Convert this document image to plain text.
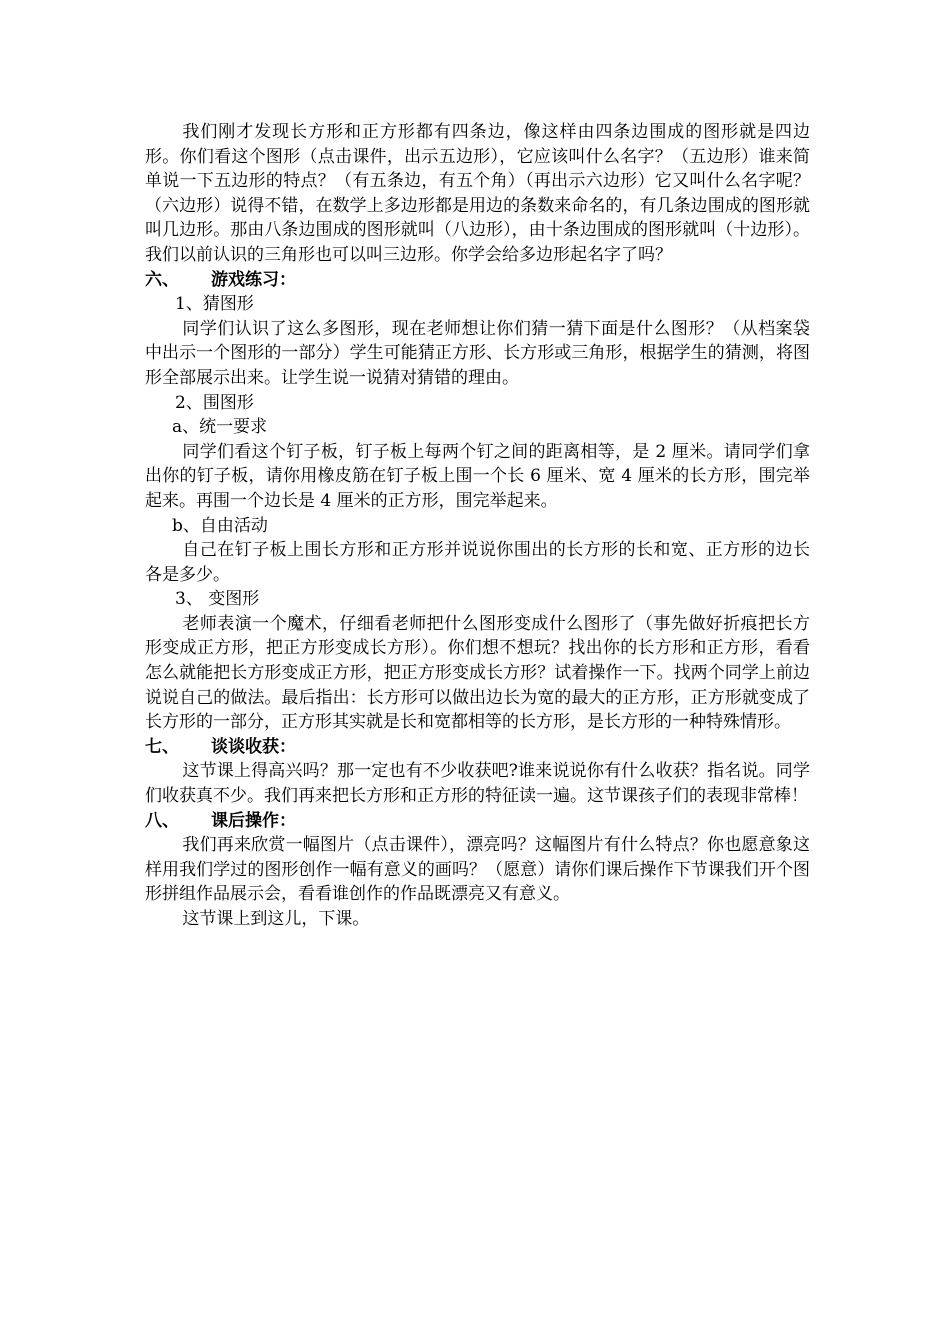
我们刚才发现长方形和正方形都有四条边，像这样由四条边围成的图形就是四边形。你们看这个图形（点击课件，出示五边形），它应该叫什么名字？（五边形）谁来简单说一下五边形的特点？（有五条边，有五个角）（再出示六边形）它又叫什么名字呢？（六边形）说得不错，在数学上多边形都是用边的条数来命名的，有几条边围成的图形就叫几边形。那由八条边围成的图形就叫（八边形），由十条边围成的图形就叫（十边形）。我们以前认识的三角形也可以叫三边形。你学会给多边形起名字了吗？

六、 游戏练习：

1、猜图形

同学们认识了这么多图形，现在老师想让你们猜一猜下面是什么图形？（从档案袋中出示一个图形的一部分）学生可能猜正方形、长方形或三角形，根据学生的猜测，将图形全部展示出来。让学生说一说猜对猜错的理由。

2、围图形

a、统一要求

同学们看这个钉子板，钉子板上每两个钉之间的距离相等，是 2 厘米。请同学们拿出你的钉子板，请你用橡皮筋在钉子板上围一个长 6 厘米、宽 4 厘米的长方形，围完举起来。再围一个边长是 4 厘米的正方形，围完举起来。

b、自由活动

自己在钉子板上围长方形和正方形并说说你围出的长方形的长和宽、正方形的边长各是多少。

3、 变图形

老师表演一个魔术，仔细看老师把什么图形变成什么图形了（事先做好折痕把长方形变成正方形，把正方形变成长方形）。你们想不想玩？找出你的长方形和正方形，看看怎么就能把长方形变成正方形，把正方形变成长方形？试着操作一下。找两个同学上前边说说自己的做法。最后指出：长方形可以做出边长为宽的最大的正方形，正方形就变成了长方形的一部分，正方形其实就是长和宽都相等的长方形，是长方形的一种特殊情形。

七、 谈谈收获：

这节课上得高兴吗？那一定也有不少收获吧?谁来说说你有什么收获？指名说。同学们收获真不少。我们再来把长方形和正方形的特征读一遍。这节课孩子们的表现非常棒！

八、 课后操作：

我们再来欣赏一幅图片（点击课件），漂亮吗？这幅图片有什么特点？你也愿意象这样用我们学过的图形创作一幅有意义的画吗？（愿意）请你们课后操作下节课我们开个图形拼组作品展示会，看看谁创作的作品既漂亮又有意义。

这节课上到这儿，下课。
